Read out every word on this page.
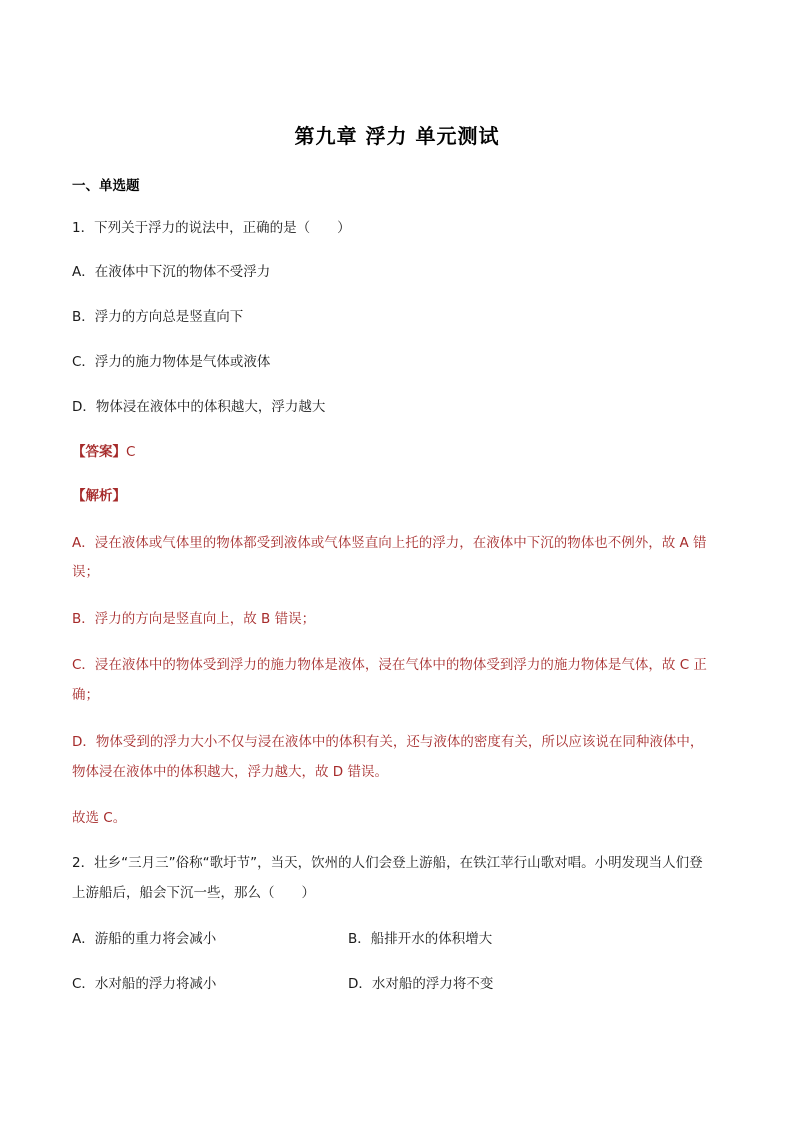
第九章 浮力 单元测试
一、单选题
1．下列关于浮力的说法中，正确的是（　　）
A．在液体中下沉的物体不受浮力
B．浮力的方向总是竖直向下
C．浮力的施力物体是气体或液体
D．物体浸在液体中的体积越大，浮力越大
【答案】C
【解析】
A．浸在液体或气体里的物体都受到液体或气体竖直向上托的浮力，在液体中下沉的物体也不例外，故 A 错
误；
B．浮力的方向是竖直向上，故 B 错误；
C．浸在液体中的物体受到浮力的施力物体是液体，浸在气体中的物体受到浮力的施力物体是气体，故 C 正
确；
D．物体受到的浮力大小不仅与浸在液体中的体积有关，还与液体的密度有关，所以应该说在同种液体中，
物体浸在液体中的体积越大，浮力越大，故 D 错误。
故选 C。
2．壮乡“三月三”俗称“歌圩节”，当天，饮州的人们会登上游船，在铁江苹行山歌对唱。小明发现当人们登
上游船后，船会下沉一些，那么（　　）
A．游船的重力将会减小	B．船排开水的体积增大
C．水对船的浮力将减小	D．水对船的浮力将不变
